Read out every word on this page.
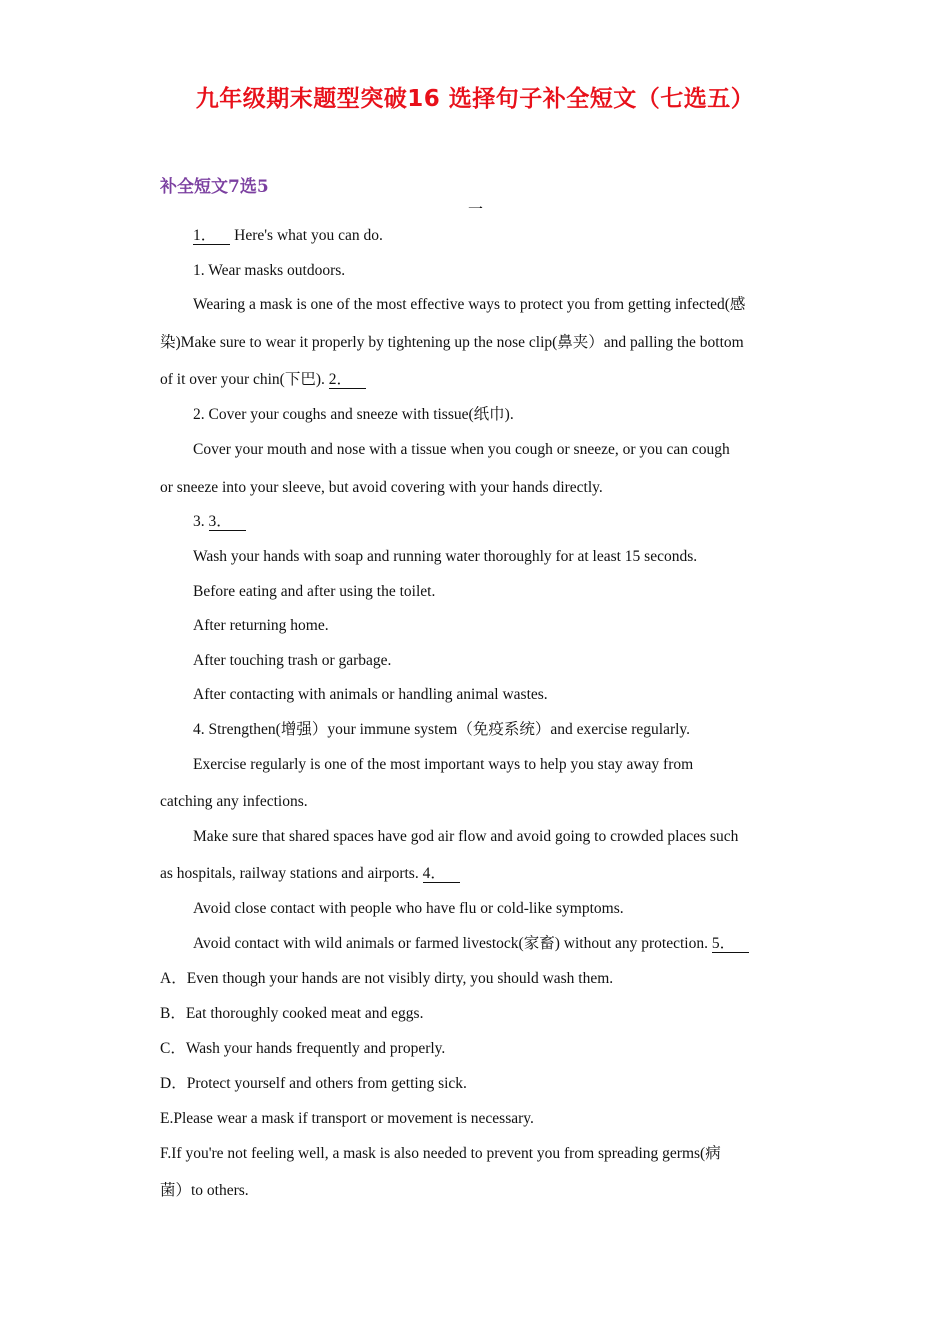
九年级期末题型突破16 选择句子补全短文（七选五）
补全短文7选5
一
1． Here's what you can do.
1. Wear masks outdoors.
Wearing a mask is one of the most effective ways to protect you from getting infected(感
染)Make sure to wear it properly by tightening up the nose clip(鼻夹）and palling the bottom
of it over your chin(下巴). 2．
2. Cover your coughs and sneeze with tissue(纸巾).
Cover your mouth and nose with a tissue when you cough or sneeze, or you can cough
or sneeze into your sleeve, but avoid covering with your hands directly.
3. 3．
Wash your hands with soap and running water thoroughly for at least 15 seconds.
Before eating and after using the toilet.
After returning home.
After touching trash or garbage.
After contacting with animals or handling animal wastes.
4. Strengthen(增强）your immune system（免疫系统）and exercise regularly.
Exercise regularly is one of the most important ways to help you stay away from
catching any infections.
Make sure that shared spaces have god air flow and avoid going to crowded places such
as hospitals, railway stations and airports. 4．
Avoid close contact with people who have flu or cold-like symptoms.
Avoid contact with wild animals or farmed livestock(家畜) without any protection. 5．
A．Even though your hands are not visibly dirty, you should wash them.
B．Eat thoroughly cooked meat and eggs.
C．Wash your hands frequently and properly.
D．Protect yourself and others from getting sick.
E.Please wear a mask if transport or movement is necessary.
F.If you're not feeling well, a mask is also needed to prevent you from spreading germs(病
菌）to others.
